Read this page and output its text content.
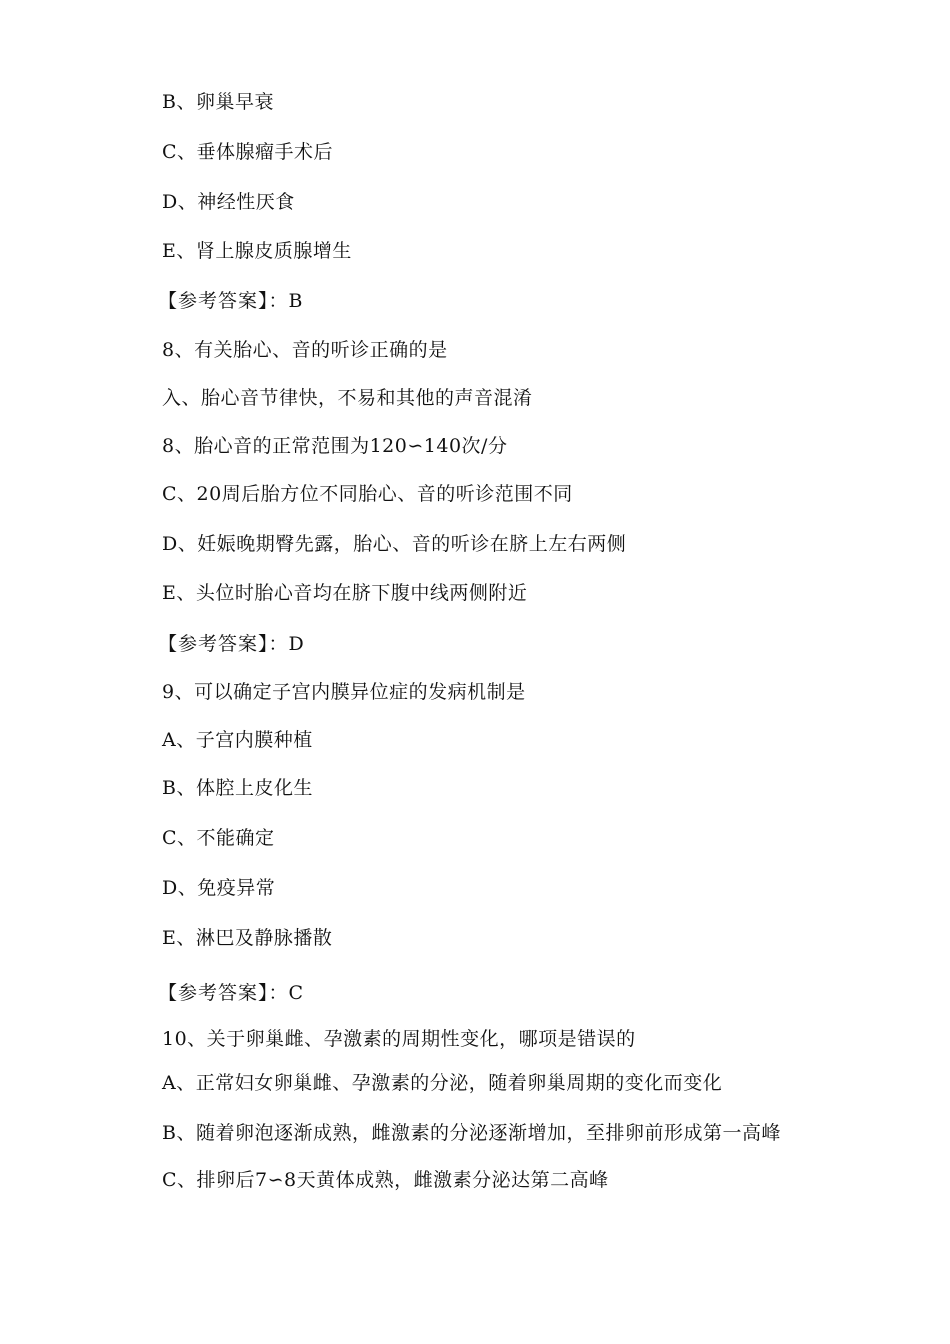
B、卵巢早衰
C、垂体腺瘤手术后
D、神经性厌食
E、肾上腺皮质腺增生
【参考答案】：B
8、有关胎心、音的听诊正确的是
入、胎心音节律快，不易和其他的声音混淆
8、胎心音的正常范围为120∽140次/分
C、20周后胎方位不同胎心、音的听诊范围不同
D、妊娠晚期臀先露，胎心、音的听诊在脐上左右两侧
E、头位时胎心音均在脐下腹中线两侧附近
【参考答案】：D
9、可以确定子宫内膜异位症的发病机制是
A、子宫内膜种植
B、体腔上皮化生
C、不能确定
D、免疫异常
E、淋巴及静脉播散
【参考答案】：C
10、关于卵巢雌、孕激素的周期性变化，哪项是错误的
A、正常妇女卵巢雌、孕激素的分泌，随着卵巢周期的变化而变化
B、随着卵泡逐渐成熟，雌激素的分泌逐渐增加，至排卵前形成第一高峰
C、排卵后7∽8天黄体成熟，雌激素分泌达第二高峰
